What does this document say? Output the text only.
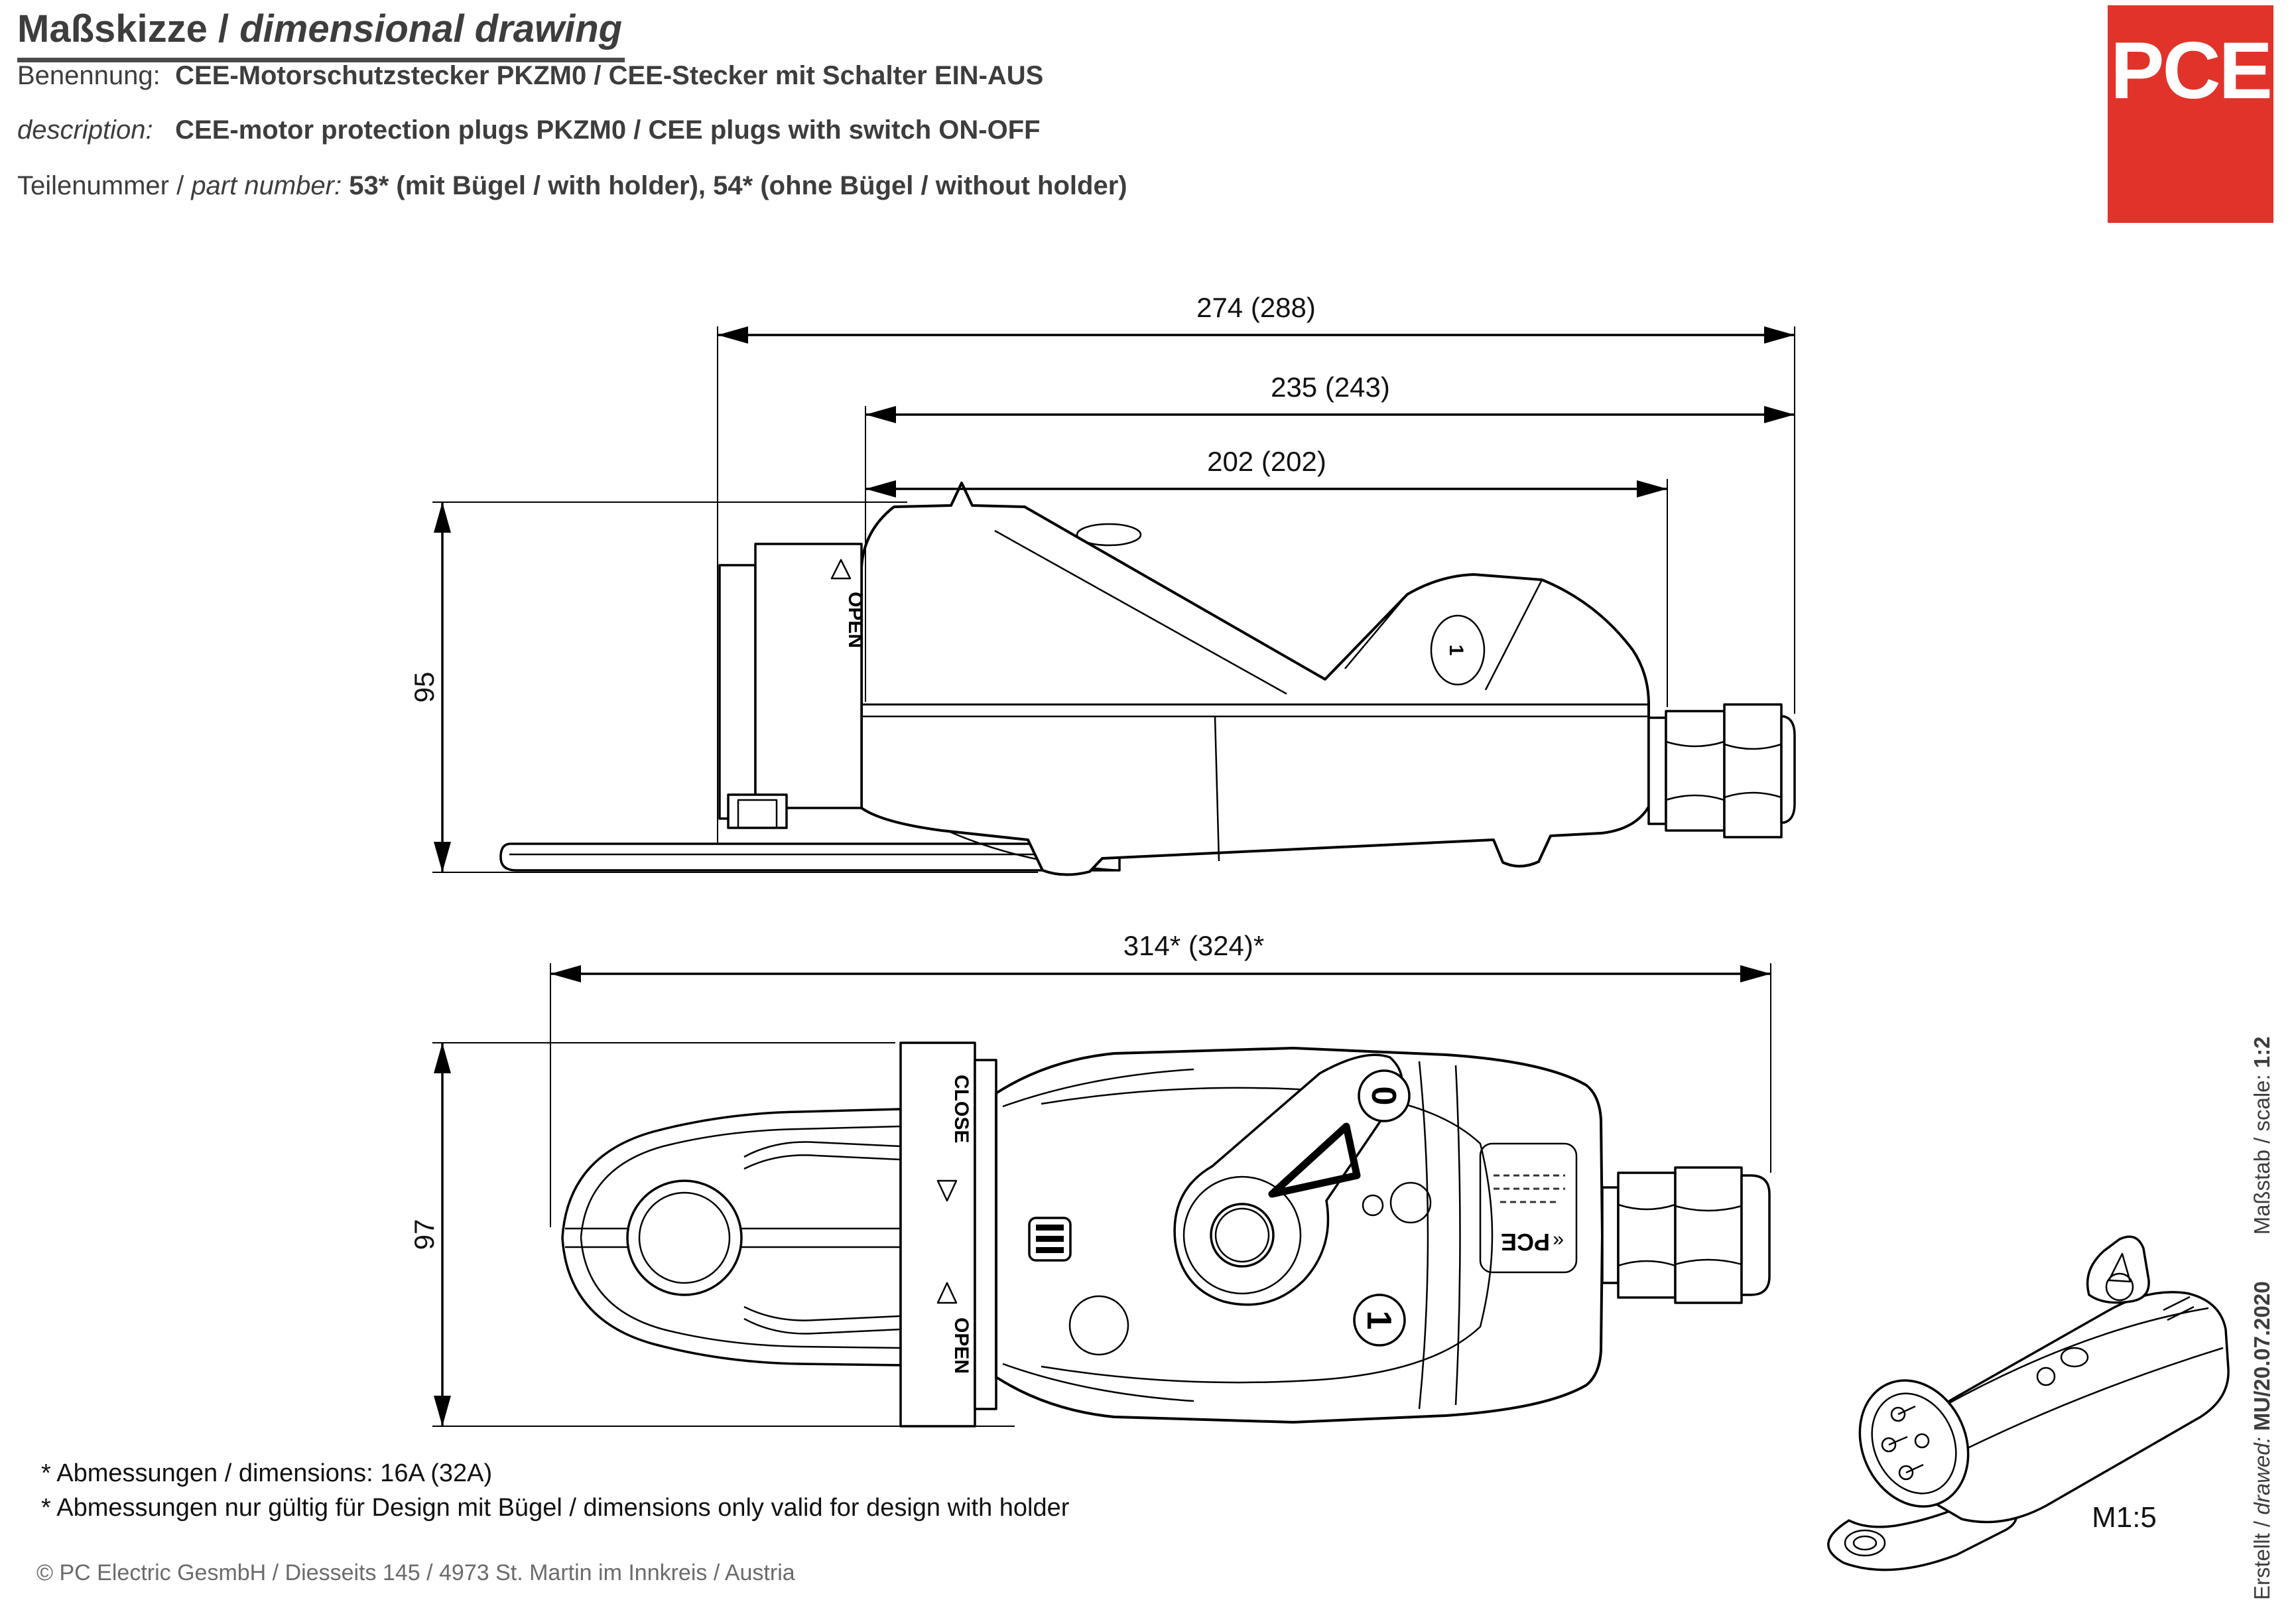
1
OPEN
274 (288)
235 (243)
202 (202)
95
CLOSE
OPEN
0
1
«
PCE
314* (324)*
97
M1:5
Maßskizze / dimensional drawing
Benennung: CEE-Motorschutzstecker PKZM0 / CEE-Stecker mit Schalter EIN-AUS
description: CEE-motor protection plugs PKZM0 / CEE plugs with switch ON-OFF
Teilenummer / part number: 53* (mit Bügel / with holder), 54* (ohne Bügel / without holder)
PCE
Erstellt / drawed: MU/20.07.2020Maßstab / scale: 1:2
* Abmessungen / dimensions: 16A (32A)
* Abmessungen nur gültig für Design mit Bügel / dimensions only valid for design with holder
© PC Electric GesmbH / Diesseits 145 / 4973 St. Martin im Innkreis / Austria
